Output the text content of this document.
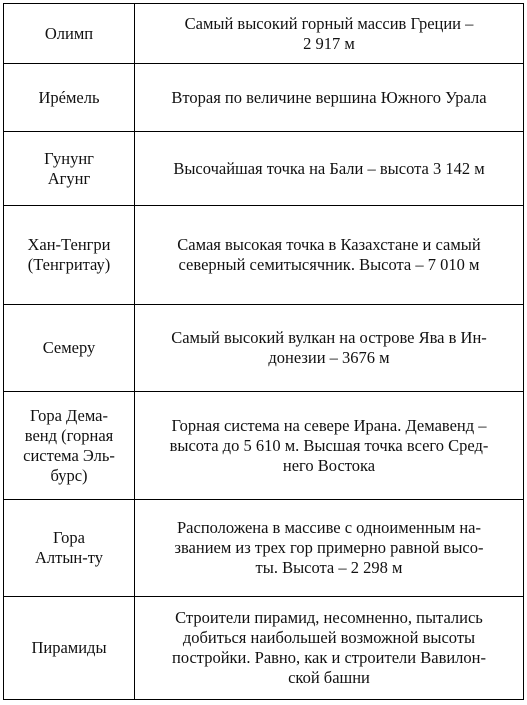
Олимп	Самый высокий горный массив Греции –
2 917 м

Ирéмель	Вторая по величине вершина Южного Урала

Гунунг
Агунг	Высочайшая точка на Бали – высота 3 142 м

Хан-Тенгри
(Тенгритау)	Самая высокая точка в Казахстане и самый
северный семитысячник. Высота – 7 010 м

Семеру	Самый высокий вулкан на острове Ява в Ин-
донезии – 3676 м

Гора Дема-
венд (горная
система Эль-
бурс)	Горная система на севере Ирана. Демавенд –
высота до 5 610 м. Высшая точка всего Сред-
него Востока

Гора
Алтын-ту	Расположена в массиве с одноименным на-
званием из трех гор примерно равной высо-
ты. Высота – 2 298 м

Пирамиды	Строители пирамид, несомненно, пытались
добиться наибольшей возможной высоты
постройки. Равно, как и строители Вавилон-
ской башни
